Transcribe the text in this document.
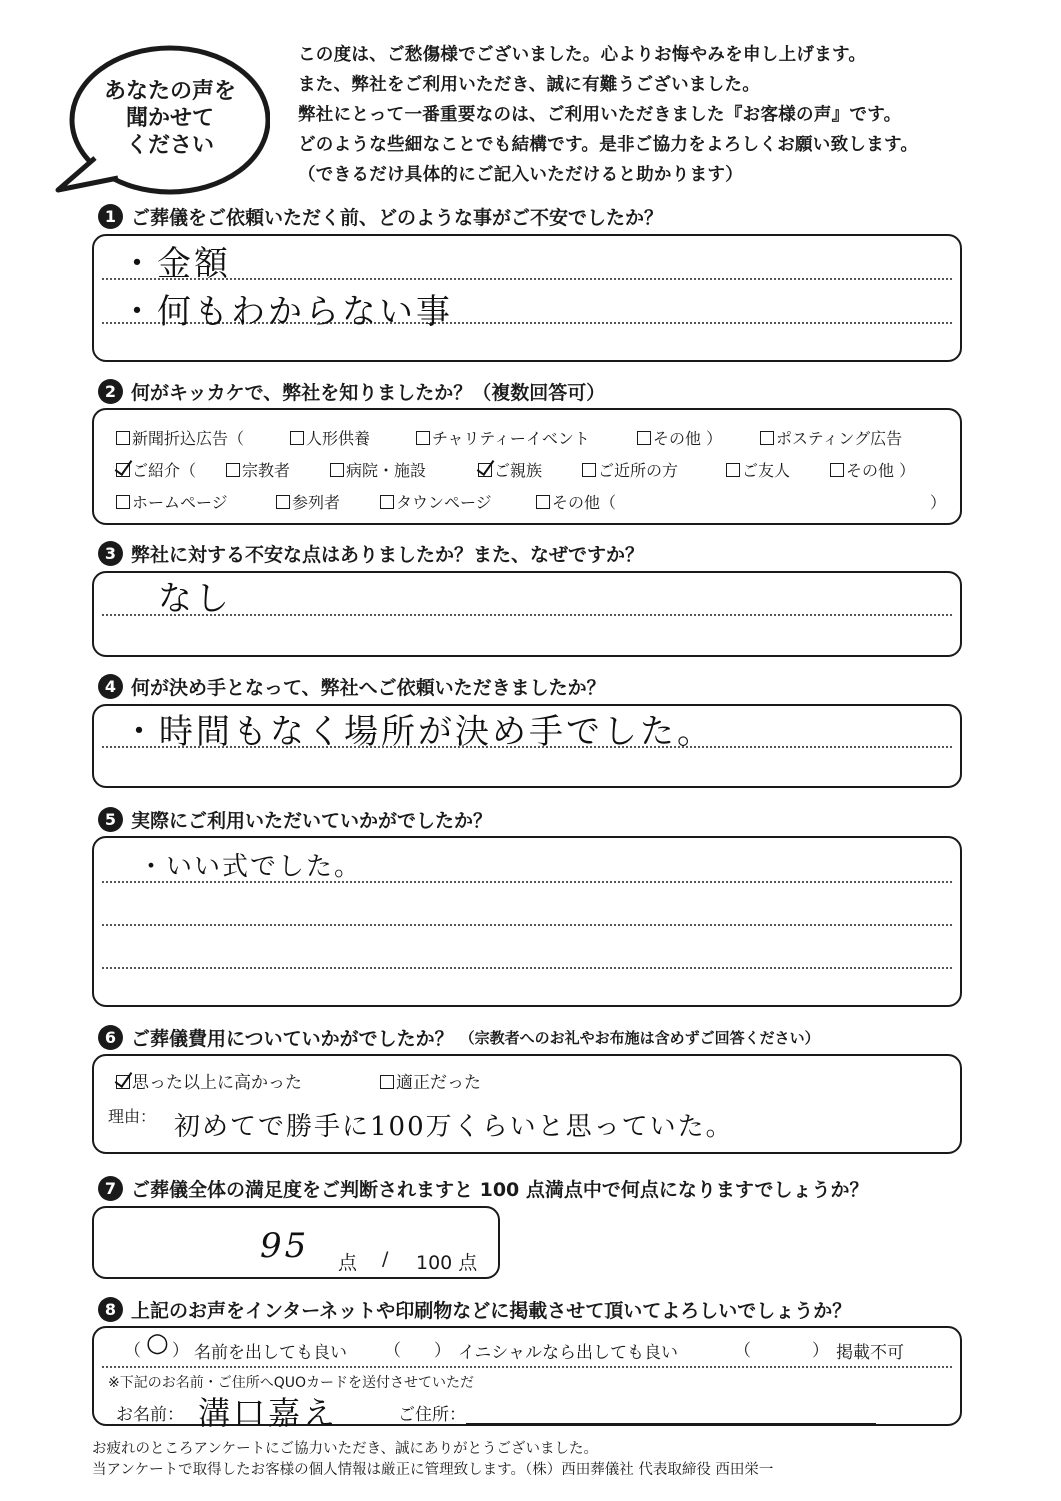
あなたの声を
聞かせて
ください
この度は、ご愁傷様でございました。心よりお悔やみを申し上げます。
また、弊社をご利用いただき、誠に有難うございました。
弊社にとって一番重要なのは、ご利用いただきました『お客様の声』です。
どのような些細なことでも結構です。是非ご協力をよろしくお願い致します。
（できるだけ具体的にご記入いただけると助かります）
1 ご葬儀をご依頼いただく前、どのような事がご不安でしたか？
・金額
・何もわからない事
2 何がキッカケで、弊社を知りましたか？（複数回答可）
新聞折込広告（	人形供養	チャリティーイベント	その他 ）	ポスティング広告
ご紹介（	宗教者	病院・施設	ご親族	ご近所の方	ご友人	その他 ）
ホームページ	参列者	タウンページ	その他（	）
3 弊社に対する不安な点はありましたか？また、なぜですか？
なし
4 何が決め手となって、弊社へご依頼いただきましたか？
・時間もなく場所が決め手でした。
5 実際にご利用いただいていかがでしたか？
・いい式でした。
6 ご葬儀費用についていかがでしたか？ （宗教者へのお礼やお布施は含めずご回答ください）
思った以上に高かった	適正だった
理由： 初めてで勝手に100万くらいと思っていた。
7 ご葬儀全体の満足度をご判断されますと 100 点満点中で何点になりますでしょうか？
95 点 / 100 点
8 上記のお声をインターネットや印刷物などに掲載させて頂いてよろしいでしょうか？
（ ○ ） 名前を出しても良い （ ） イニシャルなら出しても良い	（	） 掲載不可
※下記のお名前・ご住所へQUOカードを送付させていただ
お名前： 溝口嘉え	ご住所：
お疲れのところアンケートにご協力いただき、誠にありがとうございました。
当アンケートで取得したお客様の個人情報は厳正に管理致します。（株）西田葬儀社 代表取締役 西田栄一
